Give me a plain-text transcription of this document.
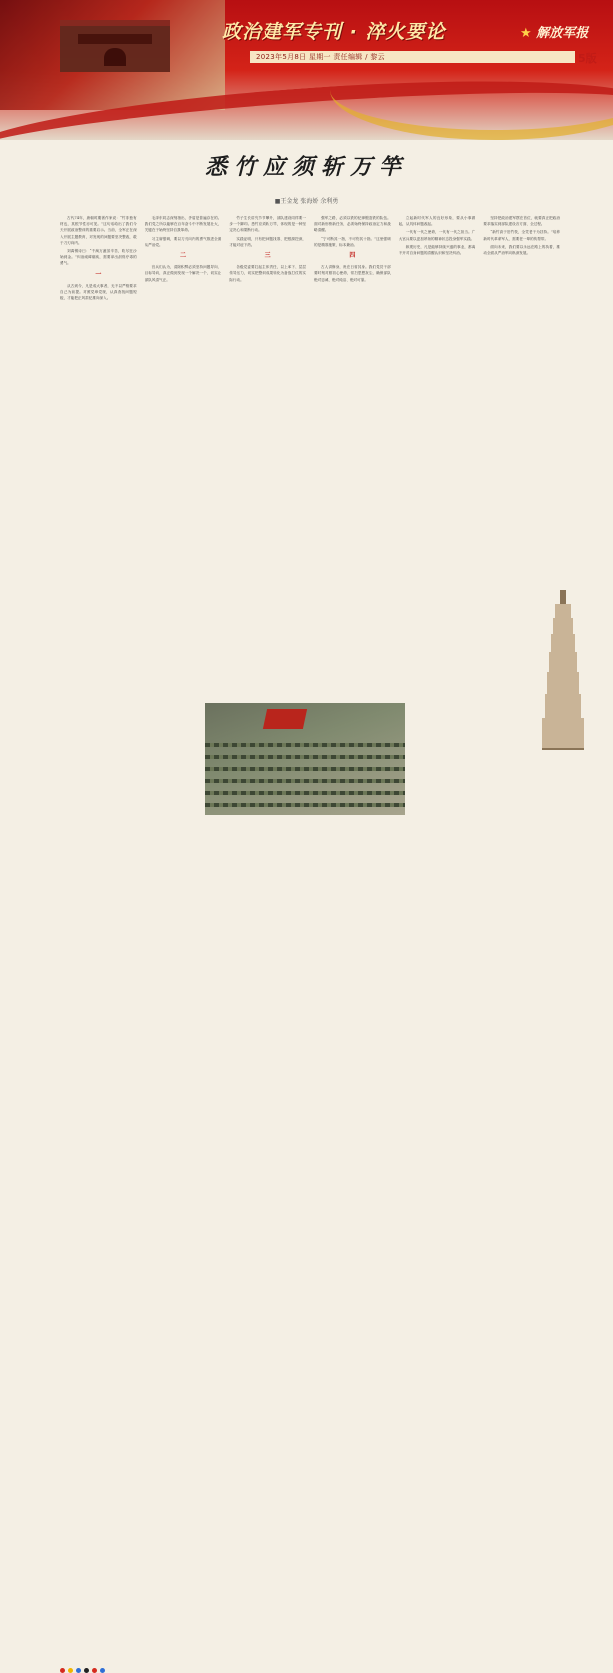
政治建军专刊 · 淬火要论	★ 解放军报
2023年5月8日 星期一 责任编辑 / 黎云	5版
悉竹应须斩万竿
■王金龙 张海娇 余利勇

古代74年，唐朝时期著作家说：“竹非独有材也，其根节性亦可见。”这句话给出了我们今天开展政治整训的重要启示。当前，全军正在深入开展主题教育，对发现的问题要坚决整改，敢于刀刃向内。

刘禹锡诗曰：“千淘万漉虽辛苦，吹尽狂沙始到金。”纠治顽瘴痼疾，需要拿出刮骨疗毒的勇气。

一

从古到今，凡是成大事者，无不以严格要求自己为前提。对照党章党规，认真查找问题短板，才能把正风肃纪推向深入。

毛泽东同志深刻指出，矛盾是普遍存在的。我们党之所以能够在百年奋斗中不断发展壮大，关键在于始终坚持自我革命。

习主席强调，要以刀刃向内的勇气推进全面从严治党。

二

官兵们认为，清除积弊必须坚持问题导向、目标导向，真正做到发现一个解决一个，切实让部队风清气正。

竹子生长讲究节节攀升，部队建设同样要一步一个脚印。悉竹应须斩万竿，体现的是一种坚定决心和果断行动。

实践证明，只有把问题找准、把根源挖深，才能对症下药。

三

各级党委要扛起主体责任，以上率下、层层传导压力，切实把整训成果转化为备战打仗的实际行动。

强军之路，必须以铁的纪律锻造铁的队伍。面对新形势新任务，必须始终保持政治定力和战略清醒。

“宁可断其一指，不可伤其十指。”这里强调的是精准施策、标本兼治。

四

古人讲修身，贵在日省其身。我们党员干部要时刻对照初心使命，常扫思想灰尘，确保部队绝对忠诚、绝对纯洁、绝对可靠。

立起新时代军人的良好形象，要从小事做起，从具体问题改起。

一代有一代之使命，一代有一代之担当。广大官兵要以更加昂扬的精神状态投身强军实践。

纵观历史，凡是能够持续兴盛的事业，都离不开对自身问题的清醒认识和坚决纠治。

坚持把政治建军摆在首位，就要真正把政治要求落实到部队建设各方面、全过程。

“新竹高于旧竹枝，全凭老干为扶持。”培养新时代革命军人，需要老一辈的传帮带。

面向未来，我们要以永远在路上的执着，推动全面从严治军向纵深发展。
